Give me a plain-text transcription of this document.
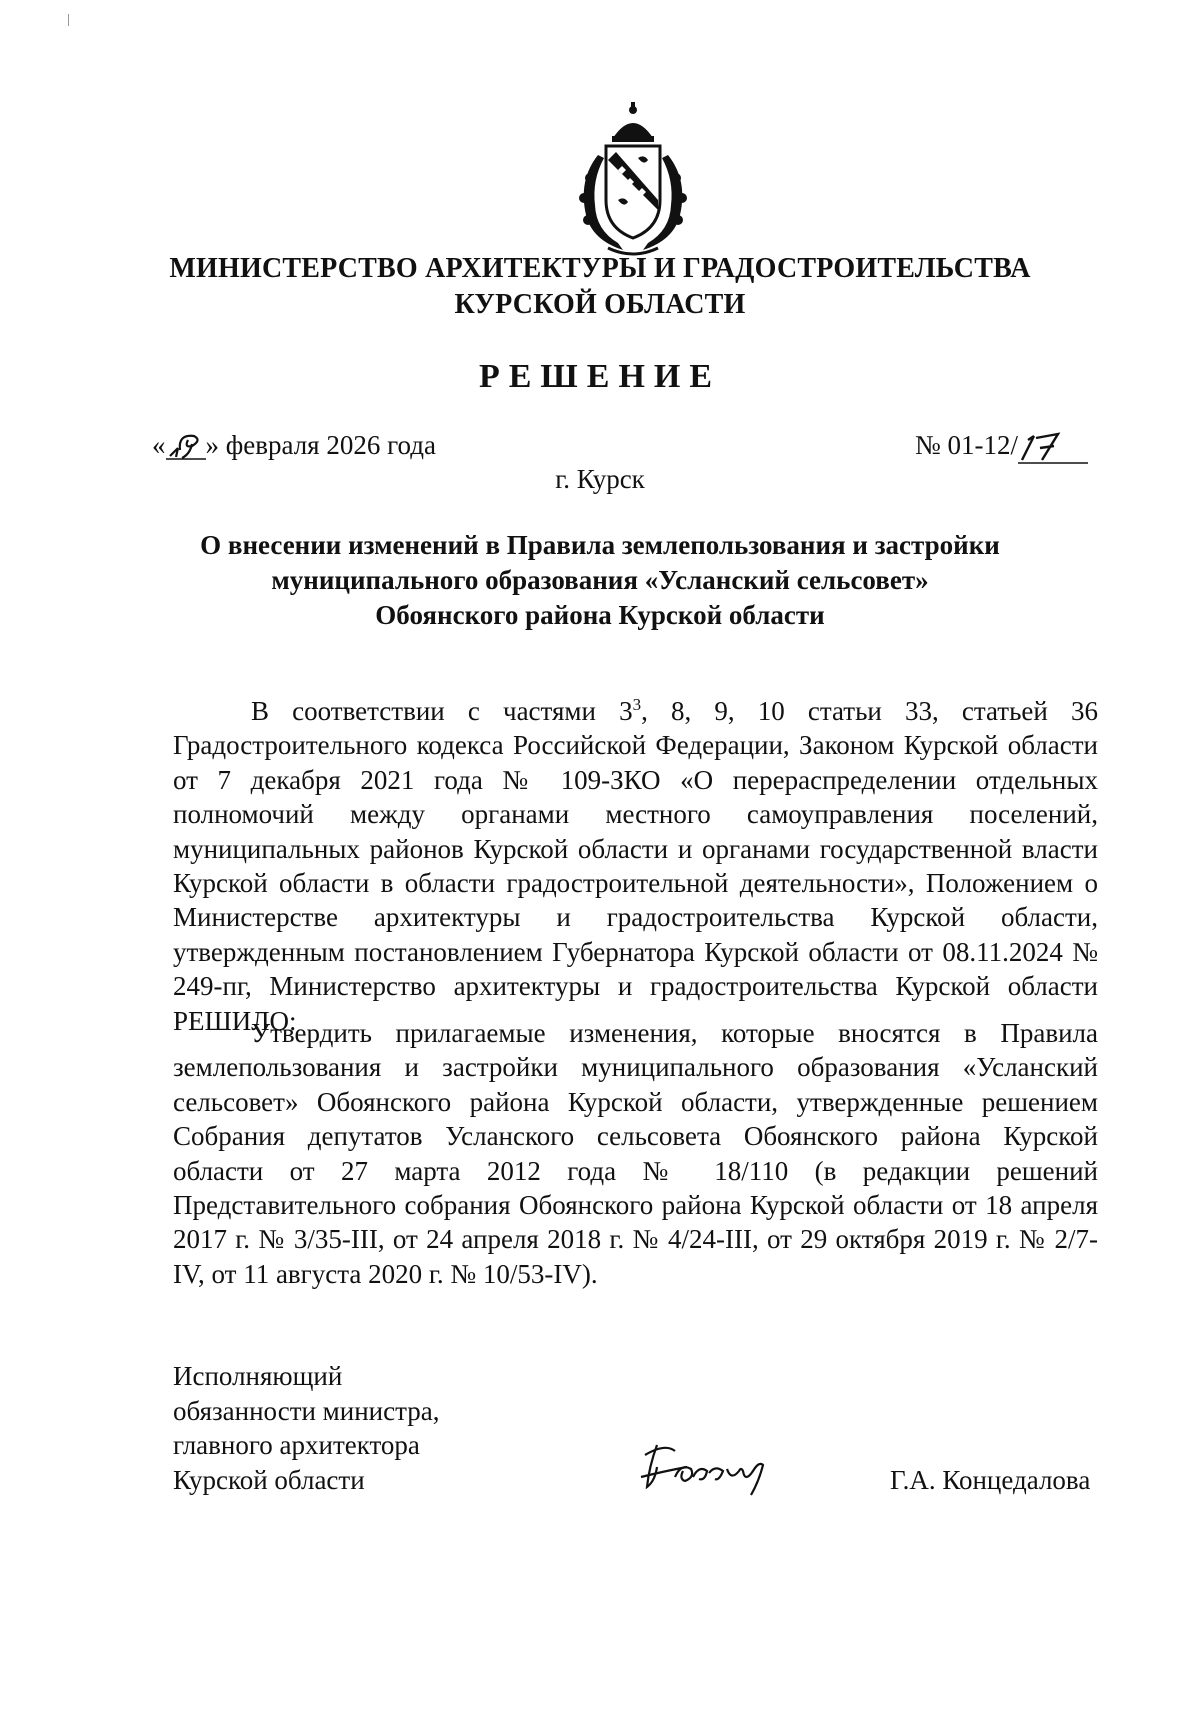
МИНИСТЕРСТВО АРХИТЕКТУРЫ И ГРАДОСТРОИТЕЛЬСТВА
КУРСКОЙ ОБЛАСТИ
РЕШЕНИЕ
« » февраля 2026 года	№ 01-12/
г. Курск
О внесении изменений в Правила землепользования и застройки
муниципального образования «Усланский сельсовет»
Обоянского района Курской области

В соответствии с частями $3^3$, 8, 9, 10 статьи 33, статьей 36 Градостроительного кодекса Российской Федерации, Законом Курской области от 7 декабря 2021 года № 109-ЗКО «О перераспределении отдельных полномочий между органами местного самоуправления поселений, муниципальных районов Курской области и органами государственной власти Курской области в области градостроительной деятельности», Положением о Министерстве архитектуры и градостроительства Курской области, утвержденным постановлением Губернатора Курской области от 08.11.2024 № 249-пг, Министерство архитектуры и градостроительства Курской области РЕШИЛО:

Утвердить прилагаемые изменения, которые вносятся в Правила землепользования и застройки муниципального образования «Усланский сельсовет» Обоянского района Курской области, утвержденные решением Собрания депутатов Усланского сельсовета Обоянского района Курской области от 27 марта 2012 года № 18/110 (в редакции решений Представительного собрания Обоянского района Курской области от 18 апреля 2017 г. № 3/35-III, от 24 апреля 2018 г. № 4/24-III, от 29 октября 2019 г. № 2/7-IV, от 11 августа 2020 г. № 10/53-IV).

Исполняющий
обязанности министра,
главного архитектора
Курской области	Г.А. Концедалова
